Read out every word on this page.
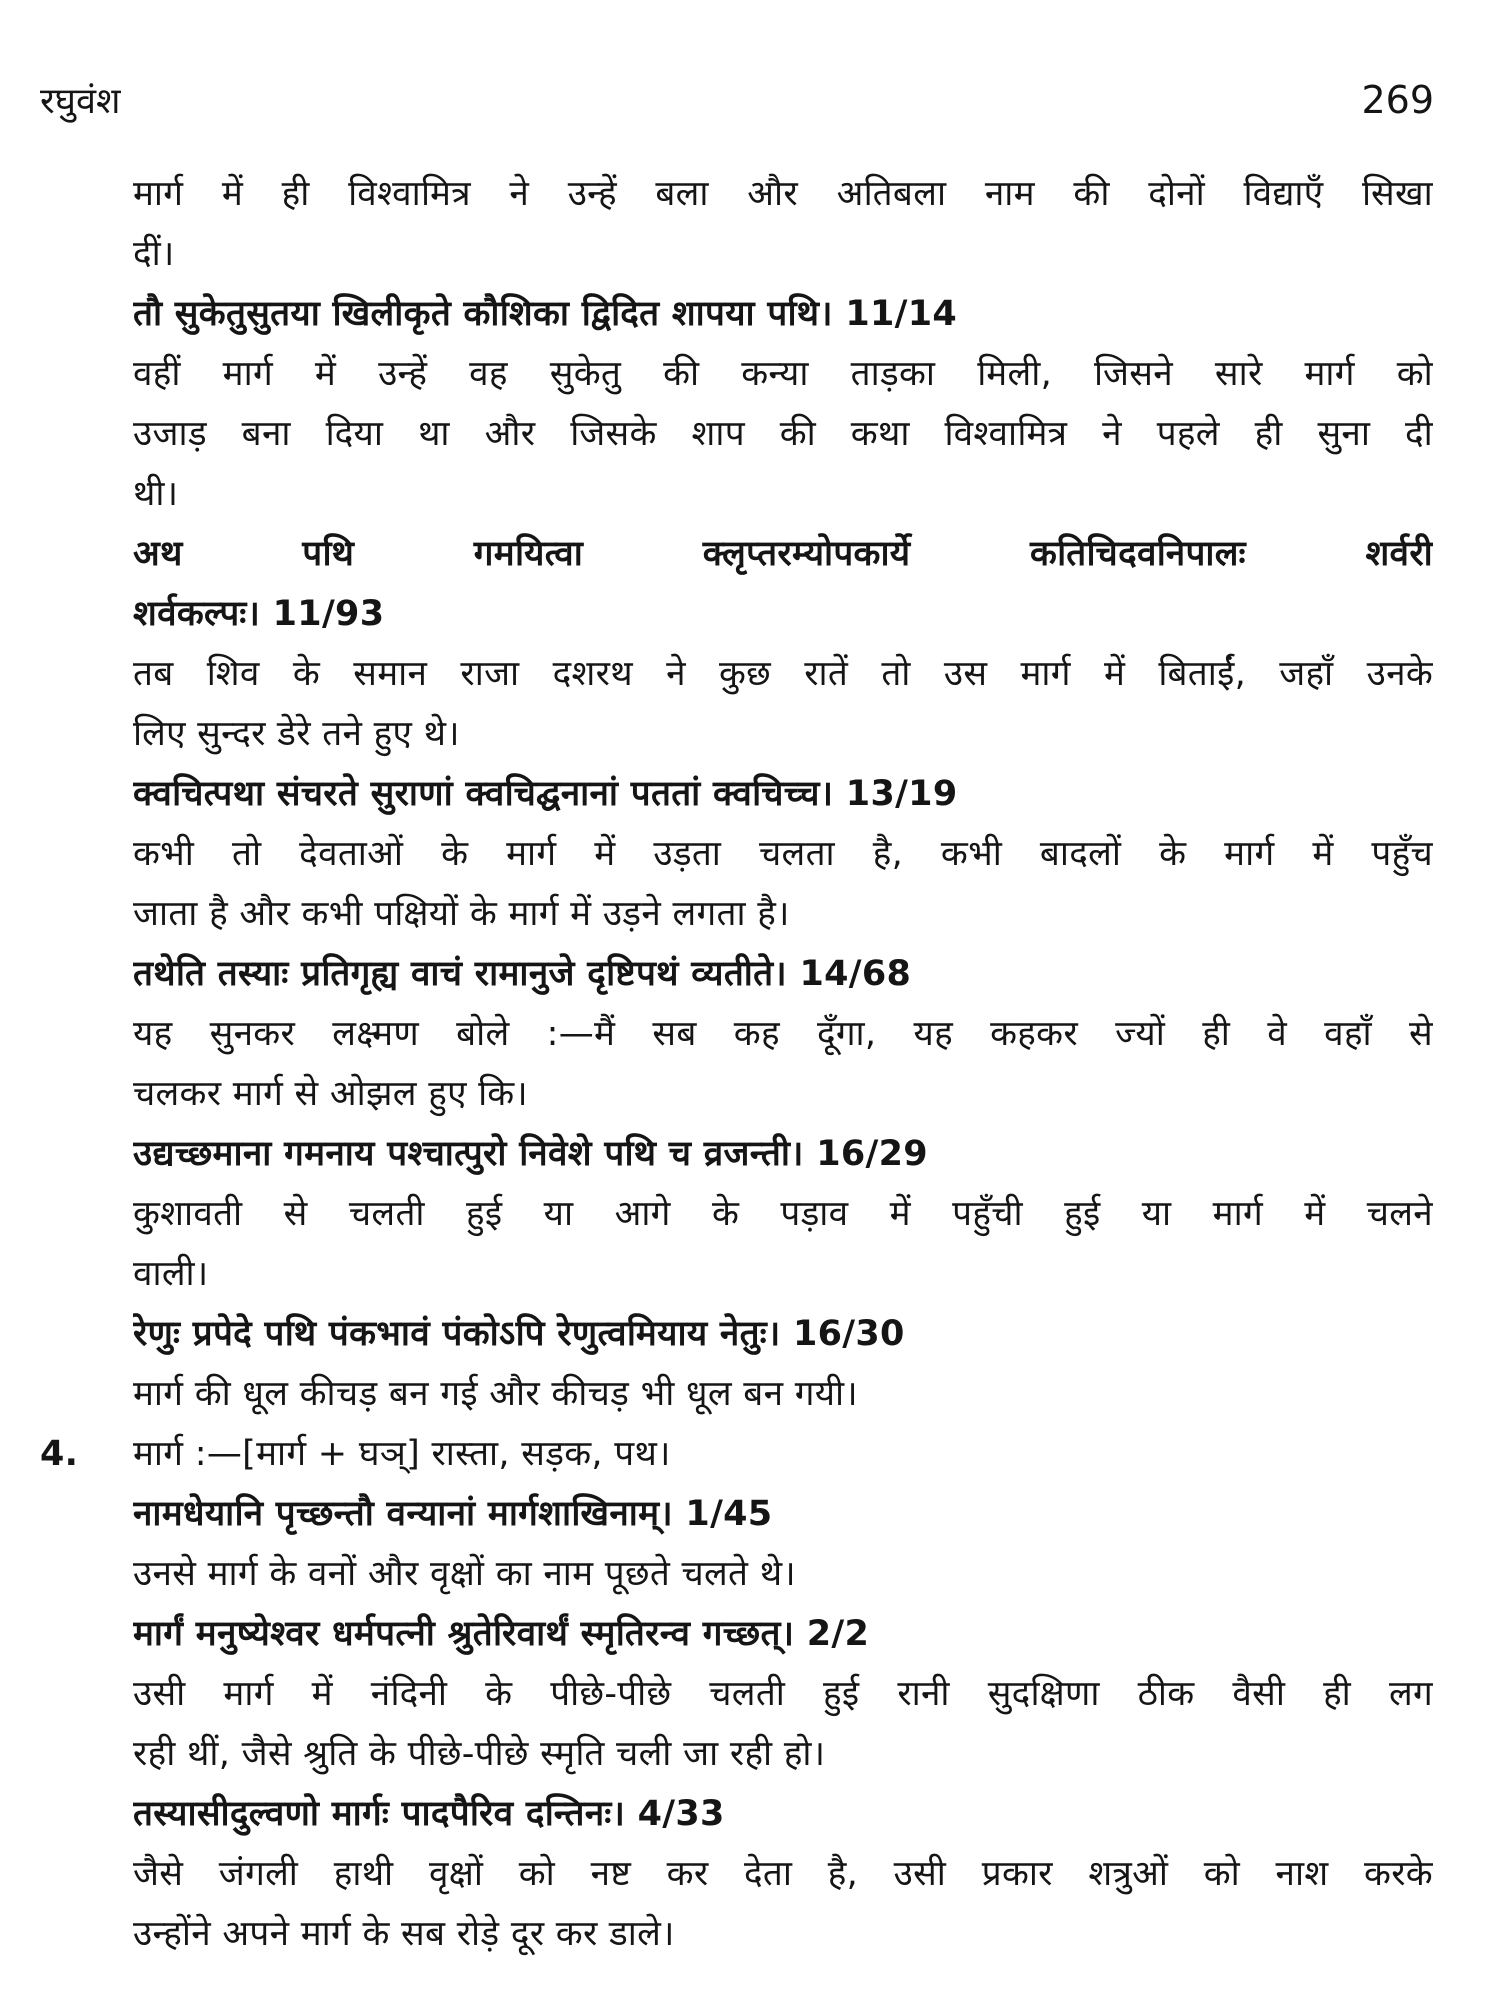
रघुवंश	269
मार्ग में ही विश्वामित्र ने उन्हें बला और अतिबला नाम की दोनों विद्याएँ सिखा
दीं।
तौ सुकेतुसुतया खिलीकृते कौशिका द्विदित शापया पथि। 11/14
वहीं मार्ग में उन्हें वह सुकेतु की कन्या ताड़का मिली, जिसने सारे मार्ग को
उजाड़ बना दिया था और जिसके शाप की कथा विश्वामित्र ने पहले ही सुना दी
थी।
अथ पथि गमयित्वा क्लृप्तरम्योपकार्ये कतिचिदवनिपालः शर्वरी
शर्वकल्पः। 11/93
तब शिव के समान राजा दशरथ ने कुछ रातें तो उस मार्ग में बिताईं, जहाँ उनके
लिए सुन्दर डेरे तने हुए थे।
क्वचित्पथा संचरते सुराणां क्वचिद्घनानां पततां क्वचिच्च। 13/19
कभी तो देवताओं के मार्ग में उड़ता चलता है, कभी बादलों के मार्ग में पहुँच
जाता है और कभी पक्षियों के मार्ग में उड़ने लगता है।
तथेति तस्याः प्रतिगृह्य वाचं रामानुजे दृष्टिपथं व्यतीते। 14/68
यह सुनकर लक्ष्मण बोले :—मैं सब कह दूँगा, यह कहकर ज्यों ही वे वहाँ से
चलकर मार्ग से ओझल हुए कि।
उद्यच्छमाना गमनाय पश्चात्पुरो निवेशे पथि च व्रजन्ती। 16/29
कुशावती से चलती हुई या आगे के पड़ाव में पहुँची हुई या मार्ग में चलने
वाली।
रेणुः प्रपेदे पथि पंकभावं पंकोऽपि रेणुत्वमियाय नेतुः। 16/30
मार्ग की धूल कीचड़ बन गई और कीचड़ भी धूल बन गयी।
4. मार्ग :—[मार्ग + घञ्] रास्ता, सड़क, पथ।
नामधेयानि पृच्छन्तौ वन्यानां मार्गशाखिनाम्। 1/45
उनसे मार्ग के वनों और वृक्षों का नाम पूछते चलते थे।
मार्गं मनुष्येश्वर धर्मपत्नी श्रुतेरिवार्थं स्मृतिरन्व गच्छत्। 2/2
उसी मार्ग में नंदिनी के पीछे-पीछे चलती हुई रानी सुदक्षिणा ठीक वैसी ही लग
रही थीं, जैसे श्रुति के पीछे-पीछे स्मृति चली जा रही हो।
तस्यासीदुल्वणो मार्गः पादपैरिव दन्तिनः। 4/33
जैसे जंगली हाथी वृक्षों को नष्ट कर देता है, उसी प्रकार शत्रुओं को नाश करके
उन्होंने अपने मार्ग के सब रोड़े दूर कर डाले।
